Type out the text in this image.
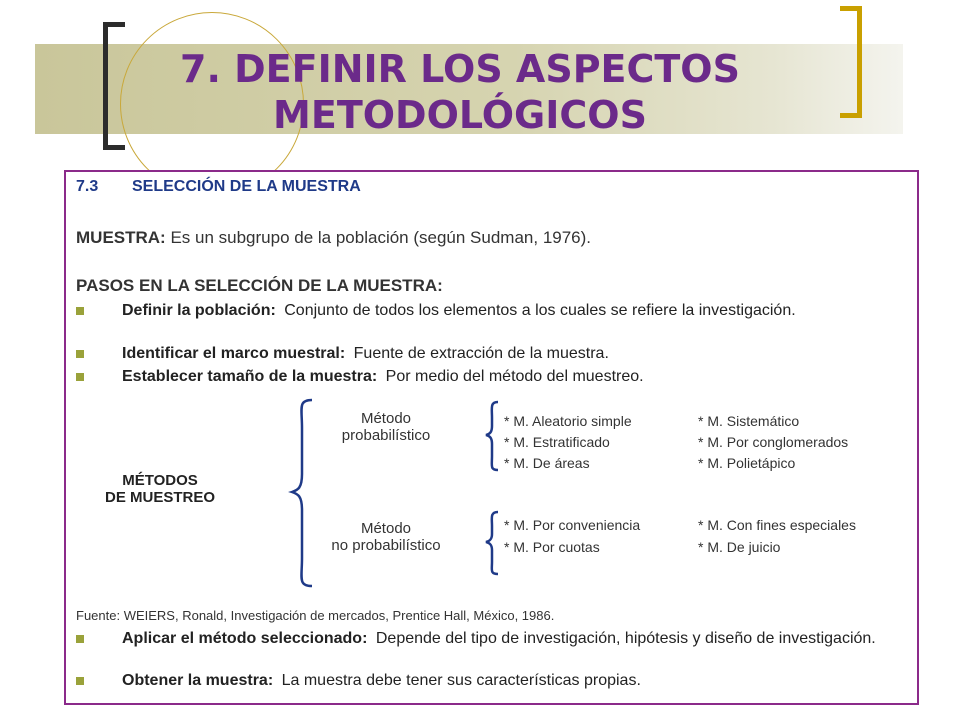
7. DEFINIR LOS ASPECTOS
METODOLÓGICOS

7.3 SELECCIÓN DE LA MUESTRA

MUESTRA: Es un subgrupo de la población (según Sudman, 1976).

PASOS EN LA SELECCIÓN DE LA MUESTRA:

Definir la población: Conjunto de todos los elementos a los cuales se refiere la investigación.
Identificar el marco muestral: Fuente de extracción de la muestra.
Establecer tamaño de la muestra: Por medio del método del muestreo.
MÉTODOS
DE MUESTREO
Método
probabilístico
* M. Aleatorio simple
* M. Estratificado
* M. De áreas
* M. Sistemático
* M. Por conglomerados
* M. Polietápico
Método
no probabilístico
* M. Por conveniencia
* M. Por cuotas
* M. Con fines especiales
* M. De juicio

Fuente: WEIERS, Ronald, Investigación de mercados, Prentice Hall, México, 1986.

Aplicar el método seleccionado: Depende del tipo de investigación, hipótesis y diseño de investigación.
Obtener la muestra: La muestra debe tener sus características propias.
